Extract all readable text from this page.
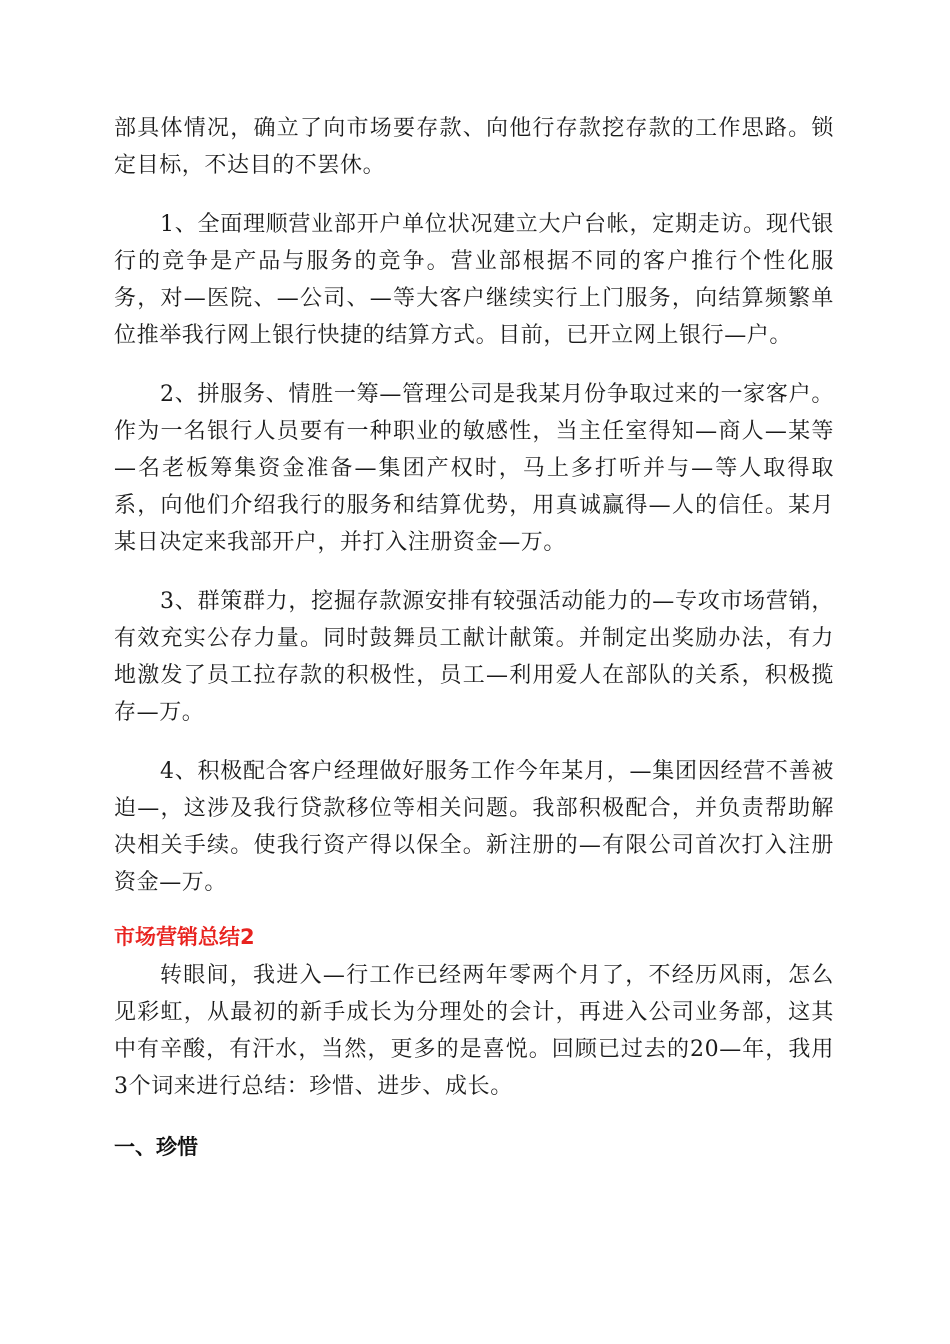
部具体情况，确立了向市场要存款、向他行存款挖存款的工作思路。锁定目标，不达目的不罢休。

1、全面理顺营业部开户单位状况建立大户台帐，定期走访。现代银行的竞争是产品与服务的竞争。营业部根据不同的客户推行个性化服务，对—医院、—公司、—等大客户继续实行上门服务，向结算频繁单位推举我行网上银行快捷的结算方式。目前，已开立网上银行—户。

2、拼服务、情胜一筹—管理公司是我某月份争取过来的一家客户。作为一名银行人员要有一种职业的敏感性，当主任室得知—商人—某等—名老板筹集资金准备—集团产权时，马上多打听并与—等人取得取系，向他们介绍我行的服务和结算优势，用真诚赢得—人的信任。某月某日决定来我部开户，并打入注册资金—万。

3、群策群力，挖掘存款源安排有较强活动能力的—专攻市场营销，有效充实公存力量。同时鼓舞员工献计献策。并制定出奖励办法，有力地激发了员工拉存款的积极性，员工—利用爱人在部队的关系，积极揽存—万。

4、积极配合客户经理做好服务工作今年某月，—集团因经营不善被迫—，这涉及我行贷款移位等相关问题。我部积极配合，并负责帮助解决相关手续。使我行资产得以保全。新注册的—有限公司首次打入注册资金—万。

市场营销总结2

转眼间，我进入—行工作已经两年零两个月了，不经历风雨，怎么见彩虹，从最初的新手成长为分理处的会计，再进入公司业务部，这其中有辛酸，有汗水，当然，更多的是喜悦。回顾已过去的20—年，我用3个词来进行总结：珍惜、进步、成长。

一、珍惜
